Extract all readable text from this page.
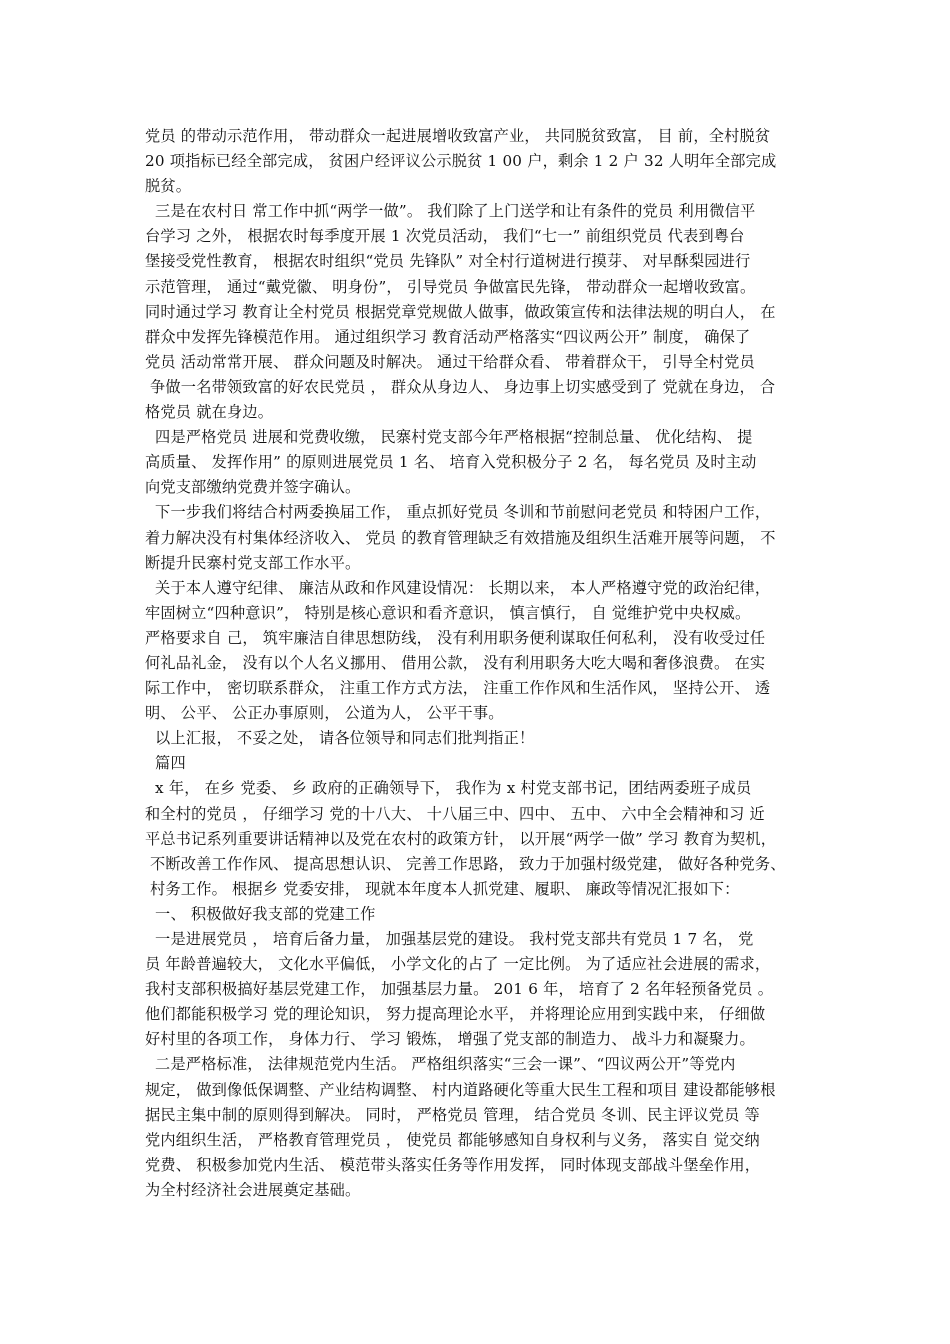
党员 的带动示范作用， 带动群众一起进展增收致富产业， 共同脱贫致富， 目 前，全村脱贫
20 项指标已经全部完成， 贫困户经评议公示脱贫 1 00 户，剩余 1 2 户 32 人明年全部完成
脱贫。
三是在农村日 常工作中抓“两学一做”。 我们除了上门送学和让有条件的党员 利用微信平
台学习 之外， 根据农时每季度开展 1 次党员活动， 我们“七一” 前组织党员 代表到粤台
堡接受党性教育， 根据农时组织“党员 先锋队” 对全村行道树进行摸芽、 对早酥梨园进行
示范管理， 通过“戴党徽、 明身份”， 引导党员 争做富民先锋， 带动群众一起增收致富。
同时通过学习 教育让全村党员 根据党章党规做人做事，做政策宣传和法律法规的明白人， 在
群众中发挥先锋模范作用。 通过组织学习 教育活动严格落实“四议两公开” 制度， 确保了
党员 活动常常开展、 群众问题及时解决。 通过干给群众看、 带着群众干， 引导全村党员
争做一名带领致富的好农民党员 ， 群众从身边人、 身边事上切实感受到了 党就在身边， 合
格党员 就在身边。
四是严格党员 进展和党费收缴， 民寨村党支部今年严格根据“控制总量、 优化结构、 提
高质量、 发挥作用” 的原则进展党员 1 名、 培育入党积极分子 2 名， 每名党员 及时主动
向党支部缴纳党费并签字确认。
下一步我们将结合村两委换届工作， 重点抓好党员 冬训和节前慰问老党员 和特困户工作，
着力解决没有村集体经济收入、 党员 的教育管理缺乏有效措施及组织生活难开展等问题， 不
断提升民寨村党支部工作水平。
关于本人遵守纪律、 廉洁从政和作风建设情况： 长期以来， 本人严格遵守党的政治纪律，
牢固树立“四种意识”， 特别是核心意识和看齐意识， 慎言慎行， 自 觉维护党中央权威。
严格要求自 己， 筑牢廉洁自律思想防线， 没有利用职务便利谋取任何私利， 没有收受过任
何礼品礼金， 没有以个人名义挪用、 借用公款， 没有利用职务大吃大喝和奢侈浪费。 在实
际工作中， 密切联系群众， 注重工作方式方法， 注重工作作风和生活作风， 坚持公开、 透
明、 公平、 公正办事原则， 公道为人， 公平干事。
以上汇报， 不妥之处， 请各位领导和同志们批判指正！
篇四
x 年， 在乡 党委、 乡 政府的正确领导下， 我作为 x 村党支部书记，团结两委班子成员
和全村的党员 ， 仔细学习 党的十八大、 十八届三中、四中、 五中、 六中全会精神和习 近
平总书记系列重要讲话精神以及党在农村的政策方针， 以开展“两学一做” 学习 教育为契机，
不断改善工作作风、 提高思想认识、 完善工作思路， 致力于加强村级党建， 做好各种党务、
村务工作。 根据乡 党委安排， 现就本年度本人抓党建、履职、 廉政等情况汇报如下：
一、 积极做好我支部的党建工作
一是进展党员 ， 培育后备力量， 加强基层党的建设。 我村党支部共有党员 1 7 名， 党
员 年龄普遍较大， 文化水平偏低， 小学文化的占了 一定比例。 为了适应社会进展的需求，
我村支部积极搞好基层党建工作， 加强基层力量。 201 6 年， 培育了 2 名年轻预备党员 。
他们都能积极学习 党的理论知识， 努力提高理论水平， 并将理论应用到实践中来， 仔细做
好村里的各项工作， 身体力行、 学习 锻炼， 增强了党支部的制造力、 战斗力和凝聚力。
二是严格标准， 法律规范党内生活。 严格组织落实“三会一课”、“四议两公开”等党内
规定， 做到像低保调整、产业结构调整、 村内道路硬化等重大民生工程和项目 建设都能够根
据民主集中制的原则得到解决。 同时， 严格党员 管理， 结合党员 冬训、民主评议党员 等
党内组织生活， 严格教育管理党员 ， 使党员 都能够感知自身权利与义务， 落实自 觉交纳
党费、 积极参加党内生活、 模范带头落实任务等作用发挥， 同时体现支部战斗堡垒作用，
为全村经济社会进展奠定基础。
